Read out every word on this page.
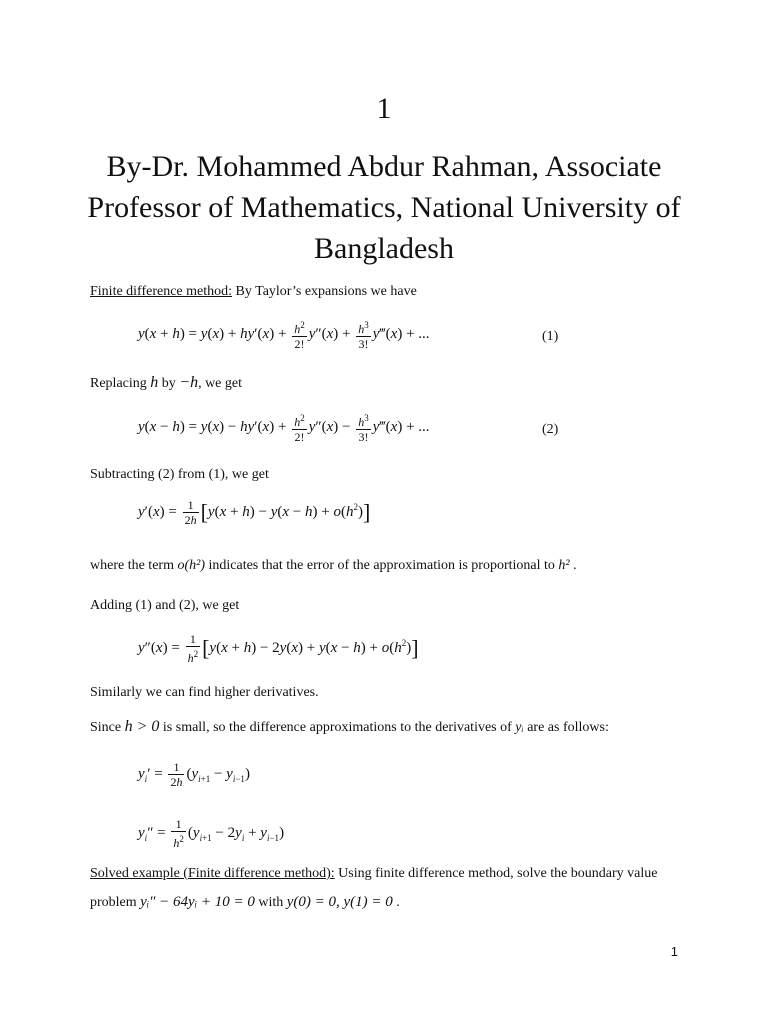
1
By-Dr. Mohammed Abdur Rahman, Associate Professor of Mathematics, National University of Bangladesh
Finite difference method: By Taylor’s expansions we have
$y(x + h) = y(x) + hy'(x) + \frac{h^2}{2!} y''(x) + \frac{h^3}{3!}$ y‴(x) + ...	(1)
Replacing h by −h, we get
$y(x - h) = y(x) - hy'(x) + \frac{h^2}{2!} y''(x) - \frac{h^3}{3!}$ y‴(x) + ...	(2)
Subtracting (2) from (1), we get
$y'(x) = \frac{1}{2h} [y(x + h) - y(x - h) + o(h^2)]$
where the term o(h²) indicates that the error of the approximation is proportional to h² .
Adding (1) and (2), we get
$y''(x) = \frac{1}{h^2} [y(x + h) - 2y(x) + y(x - h) + o(h^2)]$
Similarly we can find higher derivatives.
Since h > 0 is small, so the difference approximations to the derivatives of yᵢ are as follows:
$y_i' = \frac{1}{2h} (y_{i+1} - y_{i-1})$
$y_i'' = \frac{1}{h^2} (y_{i+1} - 2y_i + y_{i-1})$
Solved example (Finite difference method): Using finite difference method, solve the boundary value
problem yᵢ″ − 64yᵢ + 10 = 0 with y(0) = 0, y(1) = 0 .
1
